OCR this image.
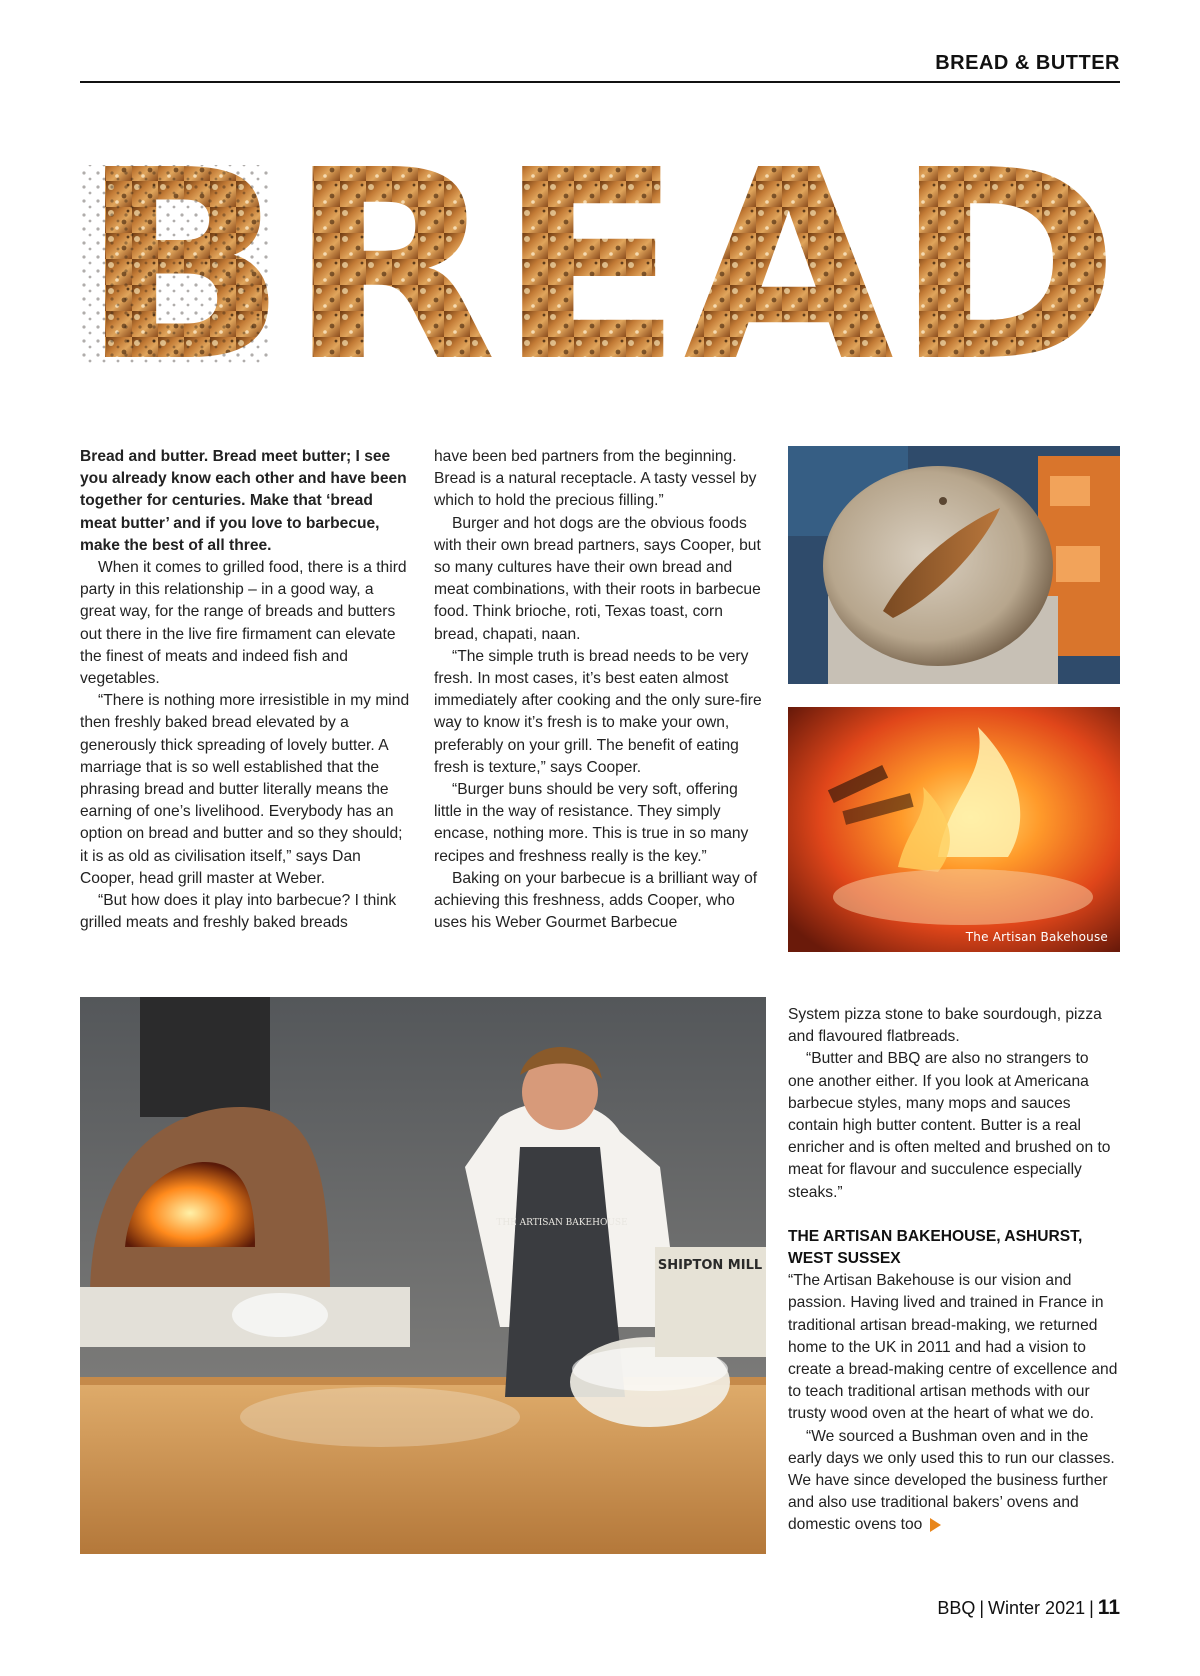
BREAD & BUTTER
BREAD

Bread and butter. Bread meet butter; I see you already know each other and have been together for centuries. Make that ‘bread meat butter’ and if you love to barbecue, make the best of all three.

When it comes to grilled food, there is a third party in this relationship – in a good way, a great way, for the range of breads and butters out there in the live fire firmament can elevate the finest of meats and indeed fish and vegetables.

“There is nothing more irresistible in my mind then freshly baked bread elevated by a generously thick spreading of lovely butter. A marriage that is so well established that the phrasing bread and butter literally means the earning of one’s livelihood. Everybody has an option on bread and butter and so they should; it is as old as civilisation itself,” says Dan Cooper, head grill master at Weber.

“But how does it play into barbecue? I think grilled meats and freshly baked breads

have been bed partners from the beginning. Bread is a natural receptacle. A tasty vessel by which to hold the precious filling.”

Burger and hot dogs are the obvious foods with their own bread partners, says Cooper, but so many cultures have their own bread and meat combinations, with their roots in barbecue food. Think brioche, roti, Texas toast, corn bread, chapati, naan.

“The simple truth is bread needs to be very fresh. In most cases, it’s best eaten almost immediately after cooking and the only sure-fire way to know it’s fresh is to make your own, preferably on your grill. The benefit of eating fresh is texture,” says Cooper.

“Burger buns should be very soft, offering little in the way of resistance. They simply encase, nothing more. This is true in so many recipes and freshness really is the key.”

Baking on your barbecue is a brilliant way of achieving this freshness, adds Cooper, who uses his Weber Gourmet Barbecue

The Artisan Bakehouse
THE ARTISAN BAKEHOUSE
SHIPTON MILL

System pizza stone to bake sourdough, pizza and flavoured flatbreads.

“Butter and BBQ are also no strangers to one another either. If you look at Americana barbecue styles, many mops and sauces contain high butter content. Butter is a real enricher and is often melted and brushed on to meat for flavour and succulence especially steaks.”

THE ARTISAN BAKEHOUSE, ASHURST, WEST SUSSEX

“The Artisan Bakehouse is our vision and passion. Having lived and trained in France in traditional artisan bread-making, we returned home to the UK in 2011 and had a vision to create a bread-making centre of excellence and to teach traditional artisan methods with our trusty wood oven at the heart of what we do.

“We sourced a Bushman oven and in the early days we only used this to run our classes. We have since developed the business further and also use traditional bakers’ ovens and domestic ovens too

BBQ | Winter 2021 | 11
